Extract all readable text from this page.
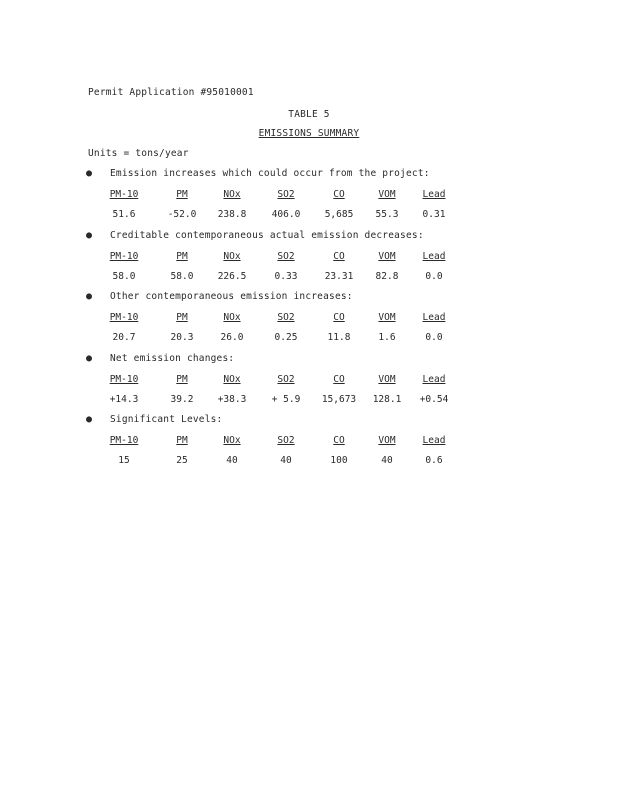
Permit Application #95010001
TABLE 5
EMISSIONS SUMMARY
Units = tons/year
● Emission increases which could occur from the project:
PM-10	PM	NOx	SO2	CO	VOM	Lead
51.6	-52.0	238.8	406.0	5,685	55.3	0.31
● Creditable contemporaneous actual emission decreases:
PM-10	PM	NOx	SO2	CO	VOM	Lead
58.0	58.0	226.5	0.33	23.31	82.8	0.0
● Other contemporaneous emission increases:
PM-10	PM	NOx	SO2	CO	VOM	Lead
20.7	20.3	26.0	0.25	11.8	1.6	0.0
● Net emission changes:
PM-10	PM	NOx	SO2	CO	VOM	Lead
+14.3	39.2	+38.3	+ 5.9	15,673	128.1	+0.54
● Significant Levels:
PM-10	PM	NOx	SO2	CO	VOM	Lead
15	25	40	40	100	40	0.6
